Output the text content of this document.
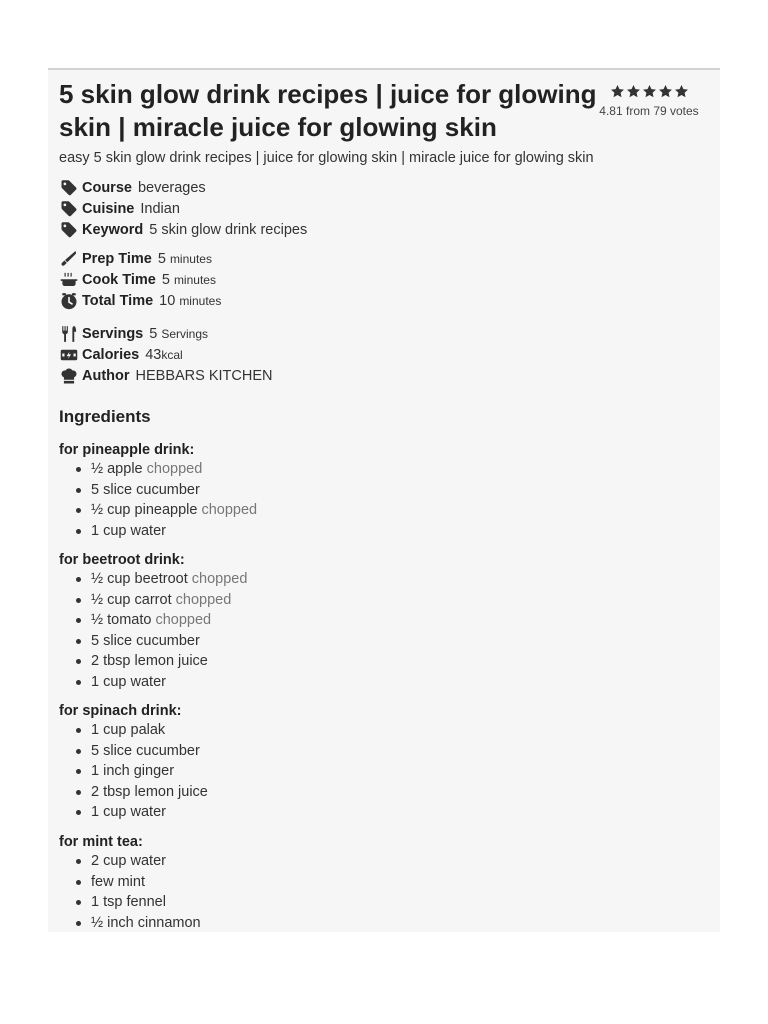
5 skin glow drink recipes | juice for glowing skin | miracle juice for glowing skin
4.81 from 79 votes
easy 5 skin glow drink recipes | juice for glowing skin | miracle juice for glowing skin
Course beverages
Cuisine Indian
Keyword 5 skin glow drink recipes
Prep Time 5 minutes
Cook Time 5 minutes
Total Time 10 minutes
Servings 5 Servings
Calories 43 kcal
Author HEBBARS KITCHEN
Ingredients
for pineapple drink:
½ apple chopped
5 slice cucumber
½ cup pineapple chopped
1 cup water
for beetroot drink:
½ cup beetroot chopped
½ cup carrot chopped
½ tomato chopped
5 slice cucumber
2 tbsp lemon juice
1 cup water
for spinach drink:
1 cup palak
5 slice cucumber
1 inch ginger
2 tbsp lemon juice
1 cup water
for mint tea:
2 cup water
few mint
1 tsp fennel
½ inch cinnamon
